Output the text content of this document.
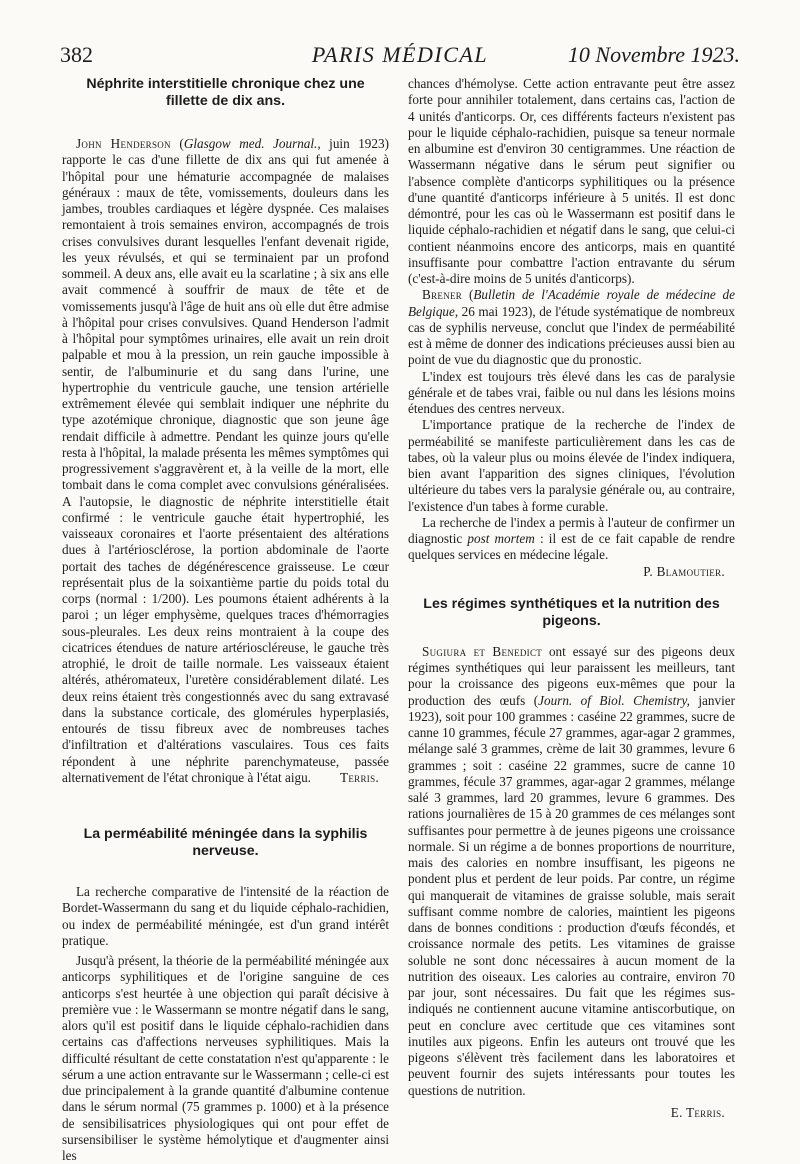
382	PARIS MÉDICAL	10 Novembre 1923.
Néphrite interstitielle chronique chez une fillette de dix ans.

John Henderson (Glasgow med. Journal., juin 1923) rapporte le cas d'une fillette de dix ans qui fut amenée à l'hôpital pour une hématurie accompagnée de malaises généraux : maux de tête, vomissements, douleurs dans les jambes, troubles cardiaques et légère dyspnée. Ces malaises remontaient à trois semaines environ, accompagnés de trois crises convulsives durant lesquelles l'enfant devenait rigide, les yeux révulsés, et qui se terminaient par un profond sommeil. A deux ans, elle avait eu la scarlatine ; à six ans elle avait commencé à souffrir de maux de tête et de vomissements jusqu'à l'âge de huit ans où elle dut être admise à l'hôpital pour crises convulsives. Quand Henderson l'admit à l'hôpital pour symptômes urinaires, elle avait un rein droit palpable et mou à la pression, un rein gauche impossible à sentir, de l'albuminurie et du sang dans l'urine, une hypertrophie du ventricule gauche, une tension artérielle extrêmement élevée qui semblait indiquer une néphrite du type azotémique chronique, diagnostic que son jeune âge rendait difficile à admettre. Pendant les quinze jours qu'elle resta à l'hôpital, la malade présenta les mêmes symptômes qui progressivement s'aggravèrent et, à la veille de la mort, elle tombait dans le coma complet avec convulsions généralisées. A l'autopsie, le diagnostic de néphrite interstitielle était confirmé : le ventricule gauche était hypertrophié, les vaisseaux coronaires et l'aorte présentaient des altérations dues à l'artériosclérose, la portion abdominale de l'aorte portait des taches de dégénérescence graisseuse. Le cœur représentait plus de la soixantième partie du poids total du corps (normal : 1/200). Les poumons étaient adhérents à la paroi ; un léger emphysème, quelques traces d'hémorragies sous-pleurales. Les deux reins montraient à la coupe des cicatrices étendues de nature artérioscléreuse, le gauche très atrophié, le droit de taille normale. Les vaisseaux étaient altérés, athéromateux, l'uretère considérablement dilaté. Les deux reins étaient très congestionnés avec du sang extravasé dans la substance corticale, des glomérules hyperplasiés, entourés de tissu fibreux avec de nombreuses taches d'infiltration et d'altérations vasculaires. Tous ces faits répondent à une néphrite parenchymateuse, passée alternativement de l'état chronique à l'état aigu.	Terris.

La perméabilité méningée dans la syphilis nerveuse.

La recherche comparative de l'intensité de la réaction de Bordet-Wassermann du sang et du liquide céphalo-rachidien, ou index de perméabilité méningée, est d'un grand intérêt pratique.

Jusqu'à présent, la théorie de la perméabilité méningée aux anticorps syphilitiques et de l'origine sanguine de ces anticorps s'est heurtée à une objection qui paraît décisive à première vue : le Wassermann se montre négatif dans le sang, alors qu'il est positif dans le liquide céphalo-rachidien dans certains cas d'affections nerveuses syphilitiques. Mais la difficulté résultant de cette constatation n'est qu'apparente : le sérum a une action entravante sur le Wassermann ; celle-ci est due principalement à la grande quantité d'albumine contenue dans le sérum normal (75 grammes p. 1000) et à la présence de sensibilisatrices physiologiques qui ont pour effet de sursensibiliser le système hémolytique et d'augmenter ainsi les

chances d'hémolyse. Cette action entravante peut être assez forte pour annihiler totalement, dans certains cas, l'action de 4 unités d'anticorps. Or, ces différents facteurs n'existent pas pour le liquide céphalo-rachidien, puisque sa teneur normale en albumine est d'environ 30 centigrammes. Une réaction de Wassermann négative dans le sérum peut signifier ou l'absence complète d'anticorps syphilitiques ou la présence d'une quantité d'anticorps inférieure à 5 unités. Il est donc démontré, pour les cas où le Wassermann est positif dans le liquide céphalo-rachidien et négatif dans le sang, que celui-ci contient néanmoins encore des anticorps, mais en quantité insuffisante pour combattre l'action entravante du sérum (c'est-à-dire moins de 5 unités d'anticorps).

Brener (Bulletin de l'Académie royale de médecine de Belgique, 26 mai 1923), de l'étude systématique de nombreux cas de syphilis nerveuse, conclut que l'index de perméabilité est à même de donner des indications précieuses aussi bien au point de vue du diagnostic que du pronostic.

L'index est toujours très élevé dans les cas de paralysie générale et de tabes vrai, faible ou nul dans les lésions moins étendues des centres nerveux.

L'importance pratique de la recherche de l'index de perméabilité se manifeste particulièrement dans les cas de tabes, où la valeur plus ou moins élevée de l'index indiquera, bien avant l'apparition des signes cliniques, l'évolution ultérieure du tabes vers la paralysie générale ou, au contraire, l'existence d'un tabes à forme curable.

La recherche de l'index a permis à l'auteur de confirmer un diagnostic post mortem : il est de ce fait capable de rendre quelques services en médecine légale.

P. Blamoutier.
Les régimes synthétiques et la nutrition des pigeons.

Sugiura et Benedict ont essayé sur des pigeons deux régimes synthétiques qui leur paraissent les meilleurs, tant pour la croissance des pigeons eux-mêmes que pour la production des œufs (Journ. of Biol. Chemistry, janvier 1923), soit pour 100 grammes : caséine 22 grammes, sucre de canne 10 grammes, fécule 27 grammes, agar-agar 2 grammes, mélange salé 3 grammes, crème de lait 30 grammes, levure 6 grammes ; soit : caséine 22 grammes, sucre de canne 10 grammes, fécule 37 grammes, agar-agar 2 grammes, mélange salé 3 grammes, lard 20 grammes, levure 6 grammes. Des rations journalières de 15 à 20 grammes de ces mélanges sont suffisantes pour permettre à de jeunes pigeons une croissance normale. Si un régime a de bonnes proportions de nourriture, mais des calories en nombre insuffisant, les pigeons ne pondent plus et perdent de leur poids. Par contre, un régime qui manquerait de vitamines de graisse soluble, mais serait suffisant comme nombre de calories, maintient les pigeons dans de bonnes conditions : production d'œufs fécondés, et croissance normale des petits. Les vitamines de graisse soluble ne sont donc nécessaires à aucun moment de la nutrition des oiseaux. Les calories au contraire, environ 70 par jour, sont nécessaires. Du fait que les régimes sus-indiqués ne contiennent aucune vitamine antiscorbutique, on peut en conclure avec certitude que ces vitamines sont inutiles aux pigeons. Enfin les auteurs ont trouvé que les pigeons s'élèvent très facilement dans les laboratoires et peuvent fournir des sujets intéressants pour toutes les questions de nutrition.

E. Terris.
